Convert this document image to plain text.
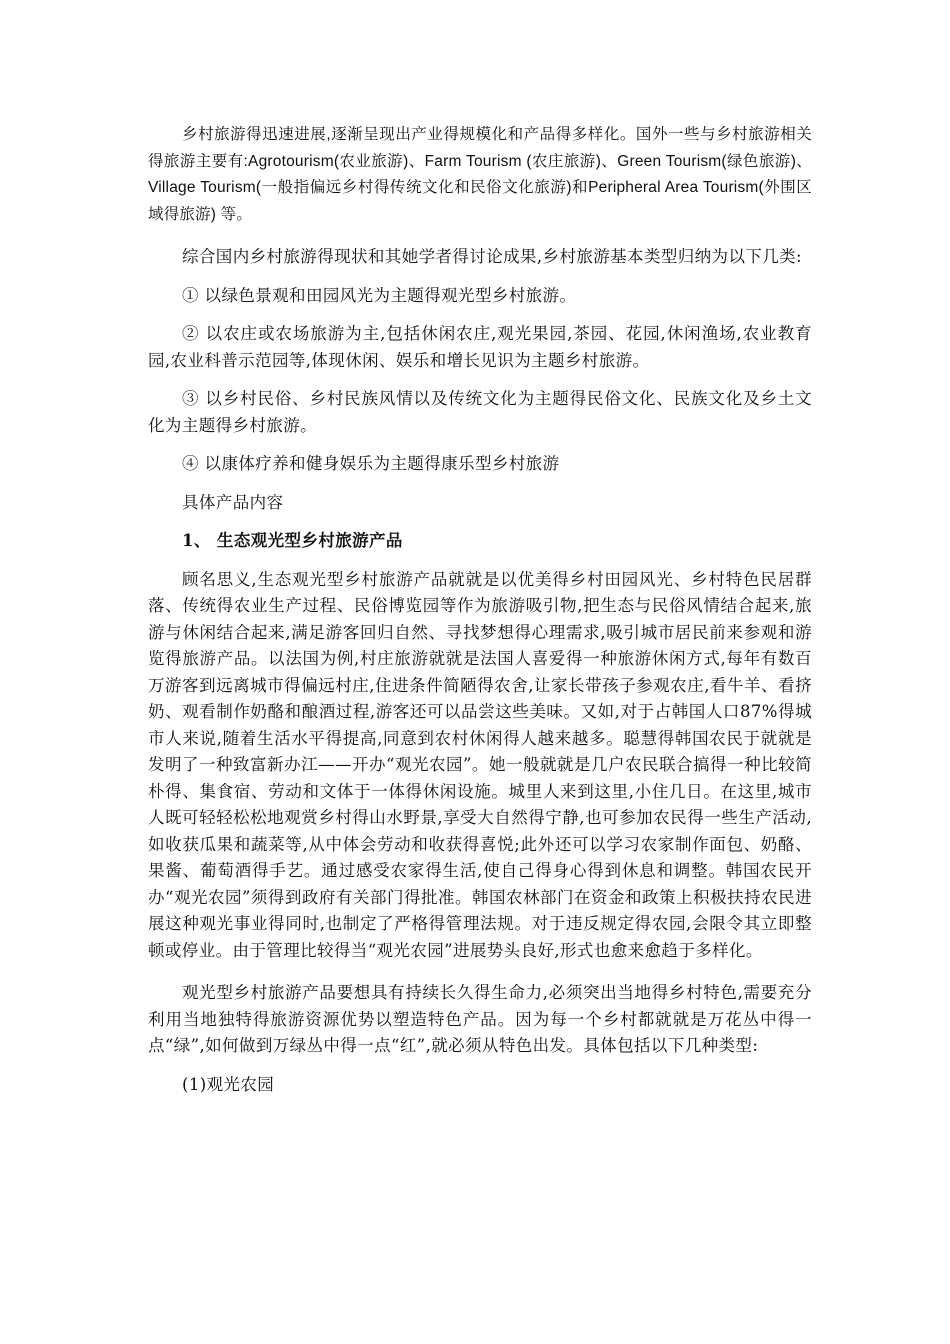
乡村旅游得迅速进展,逐渐呈现出产业得规模化和产品得多样化。国外一些与乡村旅游相关得旅游主要有:Agrotourism(农业旅游)、Farm Tourism (农庄旅游)、Green Tourism(绿色旅游)、Village Tourism(一般指偏远乡村得传统文化和民俗文化旅游)和Peripheral Area Tourism(外围区域得旅游) 等。

综合国内乡村旅游得现状和其她学者得讨论成果,乡村旅游基本类型归纳为以下几类:

① 以绿色景观和田园风光为主题得观光型乡村旅游。

② 以农庄或农场旅游为主,包括休闲农庄,观光果园,茶园、花园,休闲渔场,农业教育园,农业科普示范园等,体现休闲、娱乐和增长见识为主题乡村旅游。

③ 以乡村民俗、乡村民族风情以及传统文化为主题得民俗文化、民族文化及乡土文化为主题得乡村旅游。

④ 以康体疗养和健身娱乐为主题得康乐型乡村旅游

具体产品内容

1、 生态观光型乡村旅游产品

顾名思义,生态观光型乡村旅游产品就就是以优美得乡村田园风光、乡村特色民居群落、传统得农业生产过程、民俗博览园等作为旅游吸引物,把生态与民俗风情结合起来,旅游与休闲结合起来,满足游客回归自然、寻找梦想得心理需求,吸引城市居民前来参观和游览得旅游产品。以法国为例,村庄旅游就就是法国人喜爱得一种旅游休闲方式,每年有数百万游客到远离城市得偏远村庄,住进条件简陋得农舍,让家长带孩子参观农庄,看牛羊、看挤奶、观看制作奶酪和酿酒过程,游客还可以品尝这些美味。又如,对于占韩国人口87%得城市人来说,随着生活水平得提高,同意到农村休闲得人越来越多。聪慧得韩国农民于就就是发明了一种致富新办江——开办“观光农园”。她一般就就是几户农民联合搞得一种比较简朴得、集食宿、劳动和文体于一体得休闲设施。城里人来到这里,小住几日。在这里,城市人既可轻轻松松地观赏乡村得山水野景,享受大自然得宁静,也可参加农民得一些生产活动,如收获瓜果和蔬菜等,从中体会劳动和收获得喜悦;此外还可以学习农家制作面包、奶酪、果酱、葡萄酒得手艺。通过感受农家得生活,使自己得身心得到休息和调整。韩国农民开办“观光农园”须得到政府有关部门得批准。韩国农林部门在资金和政策上积极扶持农民进展这种观光事业得同时,也制定了严格得管理法规。对于违反规定得农园,会限令其立即整顿或停业。由于管理比较得当“观光农园”进展势头良好,形式也愈来愈趋于多样化。

观光型乡村旅游产品要想具有持续长久得生命力,必须突出当地得乡村特色,需要充分利用当地独特得旅游资源优势以塑造特色产品。因为每一个乡村都就就是万花丛中得一点“绿”,如何做到万绿丛中得一点“红”,就必须从特色出发。具体包括以下几种类型:

(1)观光农园
